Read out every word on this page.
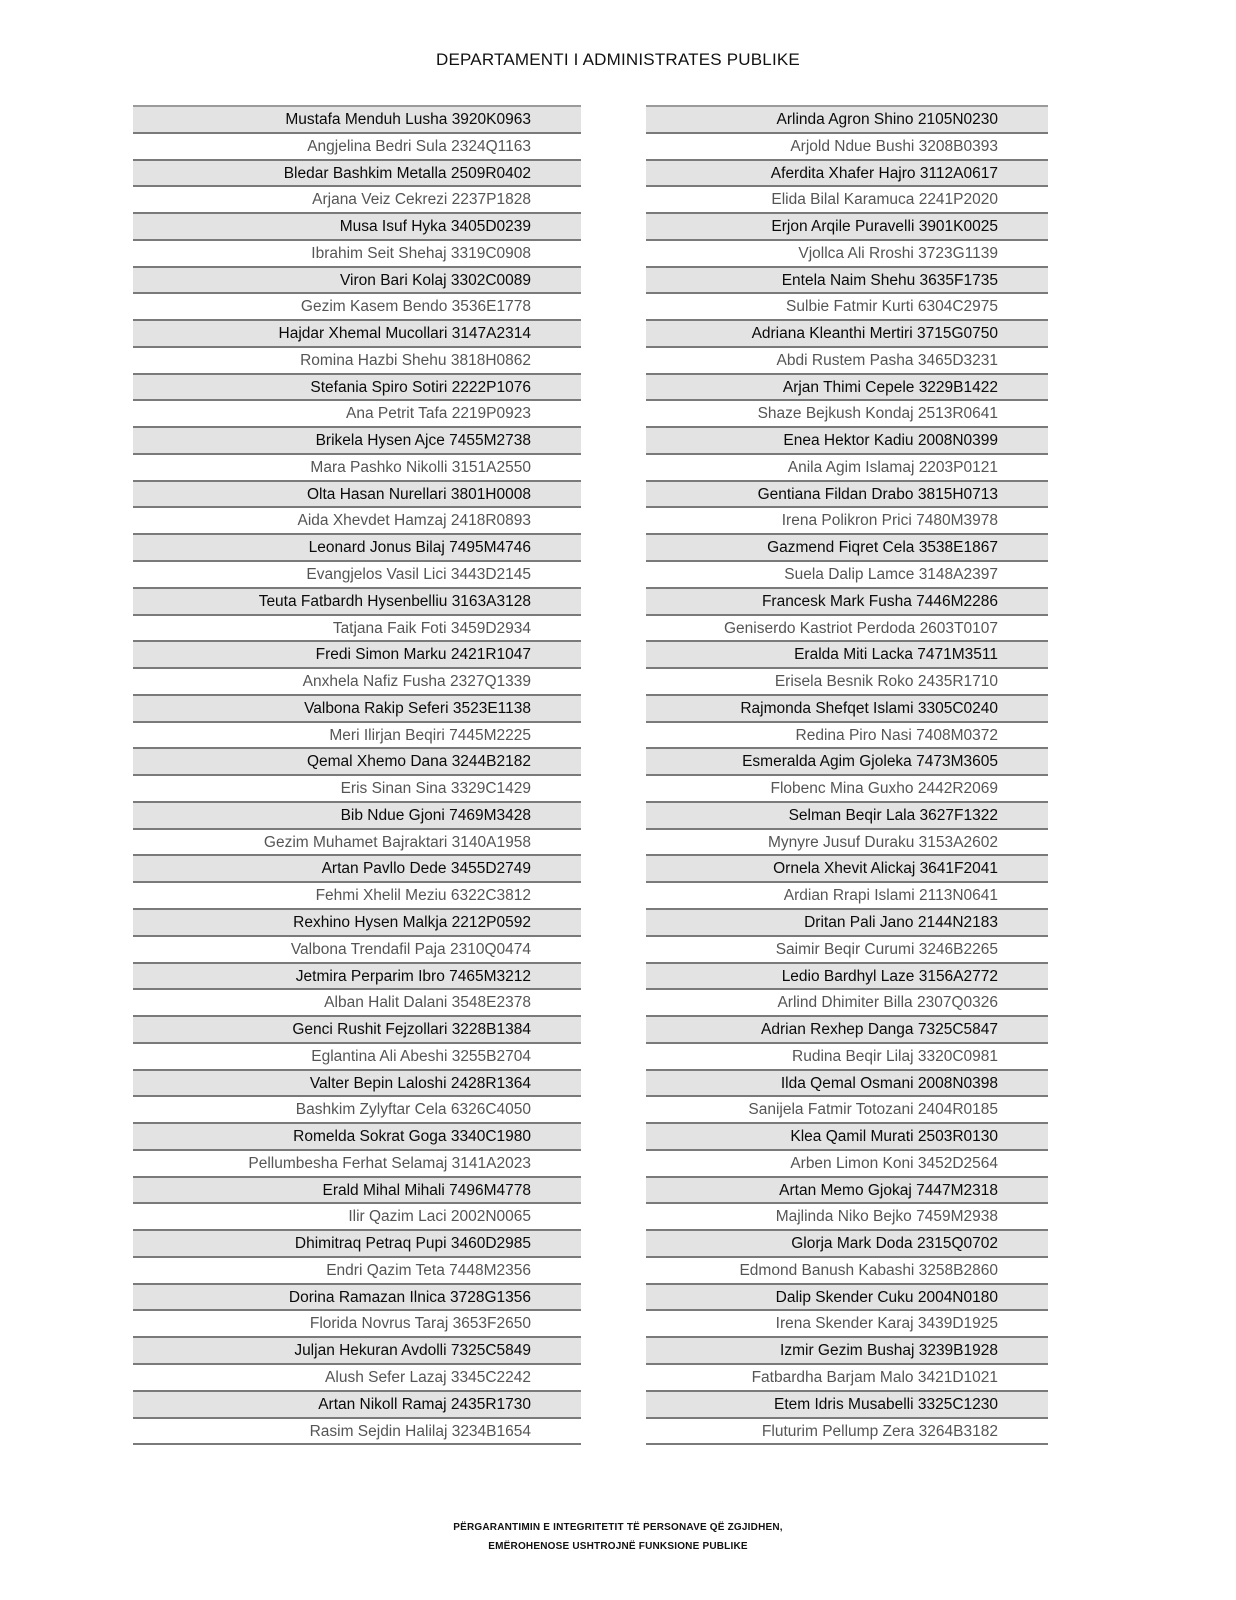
DEPARTAMENTI I ADMINISTRATES PUBLIKE
Mustafa Menduh Lusha 3920K0963
Angjelina Bedri Sula 2324Q1163
Bledar Bashkim Metalla 2509R0402
Arjana Veiz Cekrezi 2237P1828
Musa Isuf Hyka 3405D0239
Ibrahim Seit Shehaj 3319C0908
Viron Bari Kolaj 3302C0089
Gezim Kasem Bendo 3536E1778
Hajdar Xhemal Mucollari 3147A2314
Romina Hazbi Shehu 3818H0862
Stefania Spiro Sotiri 2222P1076
Ana Petrit Tafa 2219P0923
Brikela Hysen Ajce 7455M2738
Mara Pashko Nikolli 3151A2550
Olta Hasan Nurellari 3801H0008
Aida Xhevdet Hamzaj 2418R0893
Leonard Jonus Bilaj 7495M4746
Evangjelos Vasil Lici 3443D2145
Teuta Fatbardh Hysenbelliu 3163A3128
Tatjana Faik Foti 3459D2934
Fredi Simon Marku 2421R1047
Anxhela Nafiz Fusha 2327Q1339
Valbona Rakip Seferi 3523E1138
Meri Ilirjan Beqiri 7445M2225
Qemal Xhemo Dana 3244B2182
Eris Sinan Sina 3329C1429
Bib Ndue Gjoni 7469M3428
Gezim Muhamet Bajraktari 3140A1958
Artan Pavllo Dede 3455D2749
Fehmi Xhelil Meziu 6322C3812
Rexhino Hysen Malkja 2212P0592
Valbona Trendafil Paja 2310Q0474
Jetmira Perparim Ibro 7465M3212
Alban Halit Dalani 3548E2378
Genci Rushit Fejzollari 3228B1384
Eglantina Ali Abeshi 3255B2704
Valter Bepin Laloshi 2428R1364
Bashkim Zylyftar Cela 6326C4050
Romelda Sokrat Goga 3340C1980
Pellumbesha Ferhat Selamaj 3141A2023
Erald Mihal Mihali 7496M4778
Ilir Qazim Laci 2002N0065
Dhimitraq Petraq Pupi 3460D2985
Endri Qazim Teta 7448M2356
Dorina Ramazan Ilnica 3728G1356
Florida Novrus Taraj 3653F2650
Juljan Hekuran Avdolli 7325C5849
Alush Sefer Lazaj 3345C2242
Artan Nikoll Ramaj 2435R1730
Rasim Sejdin Halilaj 3234B1654
Arlinda Agron Shino 2105N0230
Arjold Ndue Bushi 3208B0393
Aferdita Xhafer Hajro 3112A0617
Elida Bilal Karamuca 2241P2020
Erjon Arqile Puravelli 3901K0025
Vjollca Ali Rroshi 3723G1139
Entela Naim Shehu 3635F1735
Sulbie Fatmir Kurti 6304C2975
Adriana Kleanthi Mertiri 3715G0750
Abdi Rustem Pasha 3465D3231
Arjan Thimi Cepele 3229B1422
Shaze Bejkush Kondaj 2513R0641
Enea Hektor Kadiu 2008N0399
Anila Agim Islamaj 2203P0121
Gentiana Fildan Drabo 3815H0713
Irena Polikron Prici 7480M3978
Gazmend Fiqret Cela 3538E1867
Suela Dalip Lamce 3148A2397
Francesk Mark Fusha 7446M2286
Geniserdo Kastriot Perdoda 2603T0107
Eralda Miti Lacka 7471M3511
Erisela Besnik Roko 2435R1710
Rajmonda Shefqet Islami 3305C0240
Redina Piro Nasi 7408M0372
Esmeralda Agim Gjoleka 7473M3605
Flobenc Mina Guxho 2442R2069
Selman Beqir Lala 3627F1322
Mynyre Jusuf Duraku 3153A2602
Ornela Xhevit Alickaj 3641F2041
Ardian Rrapi Islami 2113N0641
Dritan Pali Jano 2144N2183
Saimir Beqir Curumi 3246B2265
Ledio Bardhyl Laze 3156A2772
Arlind Dhimiter Billa 2307Q0326
Adrian Rexhep Danga 7325C5847
Rudina Beqir Lilaj 3320C0981
Ilda Qemal Osmani 2008N0398
Sanijela Fatmir Totozani 2404R0185
Klea Qamil Murati 2503R0130
Arben Limon Koni 3452D2564
Artan Memo Gjokaj 7447M2318
Majlinda Niko Bejko 7459M2938
Glorja Mark Doda 2315Q0702
Edmond Banush Kabashi 3258B2860
Dalip Skender Cuku 2004N0180
Irena Skender Karaj 3439D1925
Izmir Gezim Bushaj 3239B1928
Fatbardha Barjam Malo 3421D1021
Etem Idris Musabelli 3325C1230
Fluturim Pellump Zera 3264B3182
PËRGARANTIMIN E INTEGRITETIT TË PERSONAVE QË ZGJIDHEN,
EMËROHENOSE USHTROJNË FUNKSIONE PUBLIKE
